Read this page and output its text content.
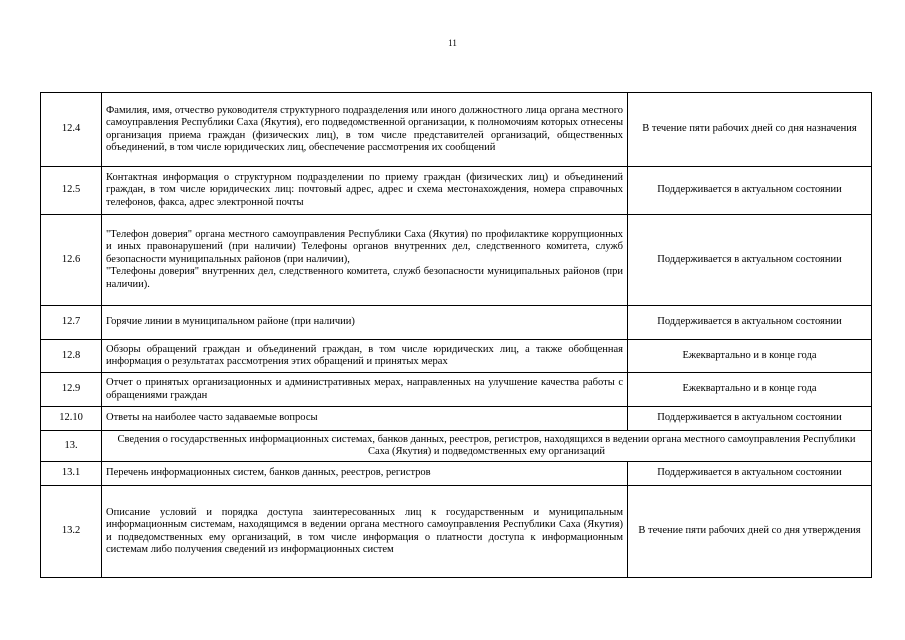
11
12.4	Фамилия, имя, отчество руководителя структурного подразделения или иного должностного лица органа местного самоуправления Республики Саха (Якутия), его подведомственной организации, к полномочиям которых отнесены организация приема граждан (физических лиц), в том числе представителей организаций, общественных объединений, в том числе юридических лиц, обеспечение рассмотрения их сообщений	В течение пяти рабочих дней со дня назначения
12.5	Контактная информация о структурном подразделении по приему граждан (физических лиц) и объединений граждан, в том числе юридических лиц: почтовый адрес, адрес и схема местонахождения, номера справочных телефонов, факса, адрес электронной почты	Поддерживается в актуальном состоянии
12.6	"Телефон доверия" органа местного самоуправления Республики Саха (Якутия) по профилактике коррупционных и иных правонарушений (при наличии) Телефоны органов внутренних дел, следственного комитета, служб безопасности муниципальных районов (при наличии),
"Телефоны доверия" внутренних дел, следственного комитета, служб безопасности муниципальных районов (при наличии).	Поддерживается в актуальном состоянии
12.7	Горячие линии в муниципальном районе (при наличии)	Поддерживается в актуальном состоянии
12.8	Обзоры обращений граждан и объединений граждан, в том числе юридических лиц, а также обобщенная информация о результатах рассмотрения этих обращений и принятых мерах	Ежеквартально и в конце года
12.9	Отчет о принятых организационных и административных мерах, направленных на улучшение качества работы с обращениями граждан	Ежеквартально и в конце года
12.10	Ответы на наиболее часто задаваемые вопросы	Поддерживается в актуальном состоянии
13.	Сведения о государственных информационных системах, банков данных, реестров, регистров, находящихся в ведении органа местного самоуправления Республики Саха (Якутия) и подведомственных ему организаций	
13.1	Перечень информационных систем, банков данных, реестров, регистров	Поддерживается в актуальном состоянии
13.2	Описание условий и порядка доступа заинтересованных лиц к государственным и муниципальным информационным системам, находящимся в ведении органа местного самоуправления Республики Саха (Якутия) и подведомственных ему организаций, в том числе информация о платности доступа к информационным системам либо получения сведений из информационных систем	В течение пяти рабочих дней со дня утверждения
